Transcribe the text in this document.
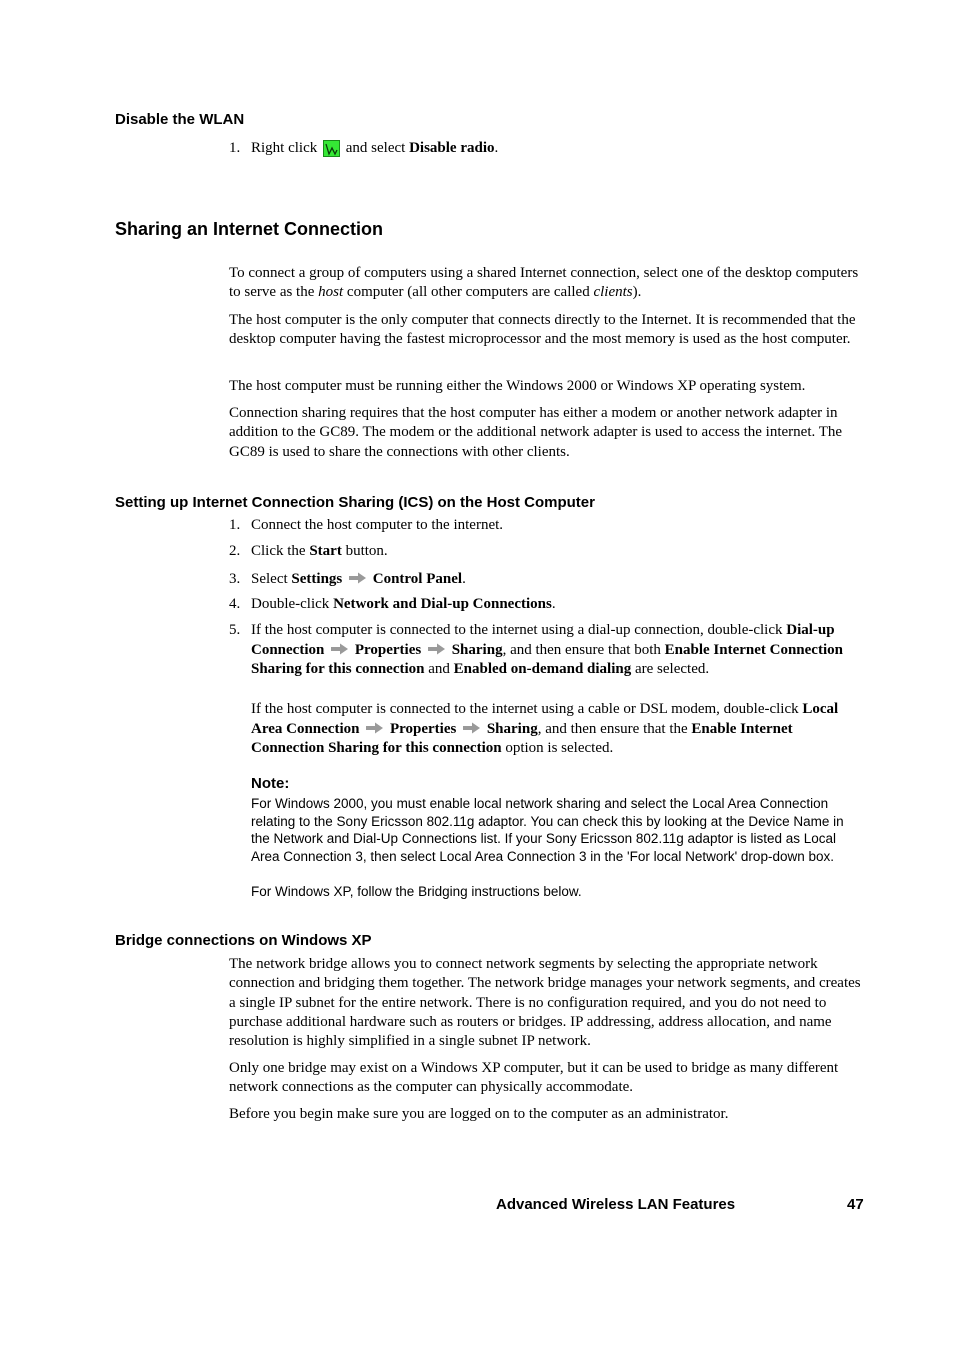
Disable the WLAN
1. Right click and select Disable radio.
Sharing an Internet Connection
To connect a group of computers using a shared Internet connection, select one of the desktop computers to serve as the host computer (all other computers are called clients).
The host computer is the only computer that connects directly to the Internet. It is recommended that the desktop computer having the fastest microprocessor and the most memory is used as the host computer.
The host computer must be running either the Windows 2000 or Windows XP operating system.
Connection sharing requires that the host computer has either a modem or another network adapter in addition to the GC89. The modem or the additional network adapter is used to access the internet. The GC89 is used to share the connections with other clients.
Setting up Internet Connection Sharing (ICS) on the Host Computer
1. Connect the host computer to the internet.
2. Click the Start button.
3. Select Settings Control Panel.
4. Double-click Network and Dial-up Connections.
5. If the host computer is connected to the internet using a dial-up connection, double-click Dial-up Connection Properties Sharing, and then ensure that both Enable Internet Connection Sharing for this connection and Enabled on-demand dialing are selected.
If the host computer is connected to the internet using a cable or DSL modem, double-click Local Area Connection Properties Sharing, and then ensure that the Enable Internet Connection Sharing for this connection option is selected.
Note:
For Windows 2000, you must enable local network sharing and select the Local Area Connection relating to the Sony Ericsson 802.11g adaptor. You can check this by looking at the Device Name in the Network and Dial-Up Connections list. If your Sony Ericsson 802.11g adaptor is listed as Local Area Connection 3, then select Local Area Connection 3 in the 'For local Network' drop-down box.
For Windows XP, follow the Bridging instructions below.
Bridge connections on Windows XP
The network bridge allows you to connect network segments by selecting the appropriate network connection and bridging them together. The network bridge manages your network segments, and creates a single IP subnet for the entire network. There is no configuration required, and you do not need to purchase additional hardware such as routers or bridges. IP addressing, address allocation, and name resolution is highly simplified in a single subnet IP network.
Only one bridge may exist on a Windows XP computer, but it can be used to bridge as many different network connections as the computer can physically accommodate.
Before you begin make sure you are logged on to the computer as an administrator.
Advanced Wireless LAN Features	47
